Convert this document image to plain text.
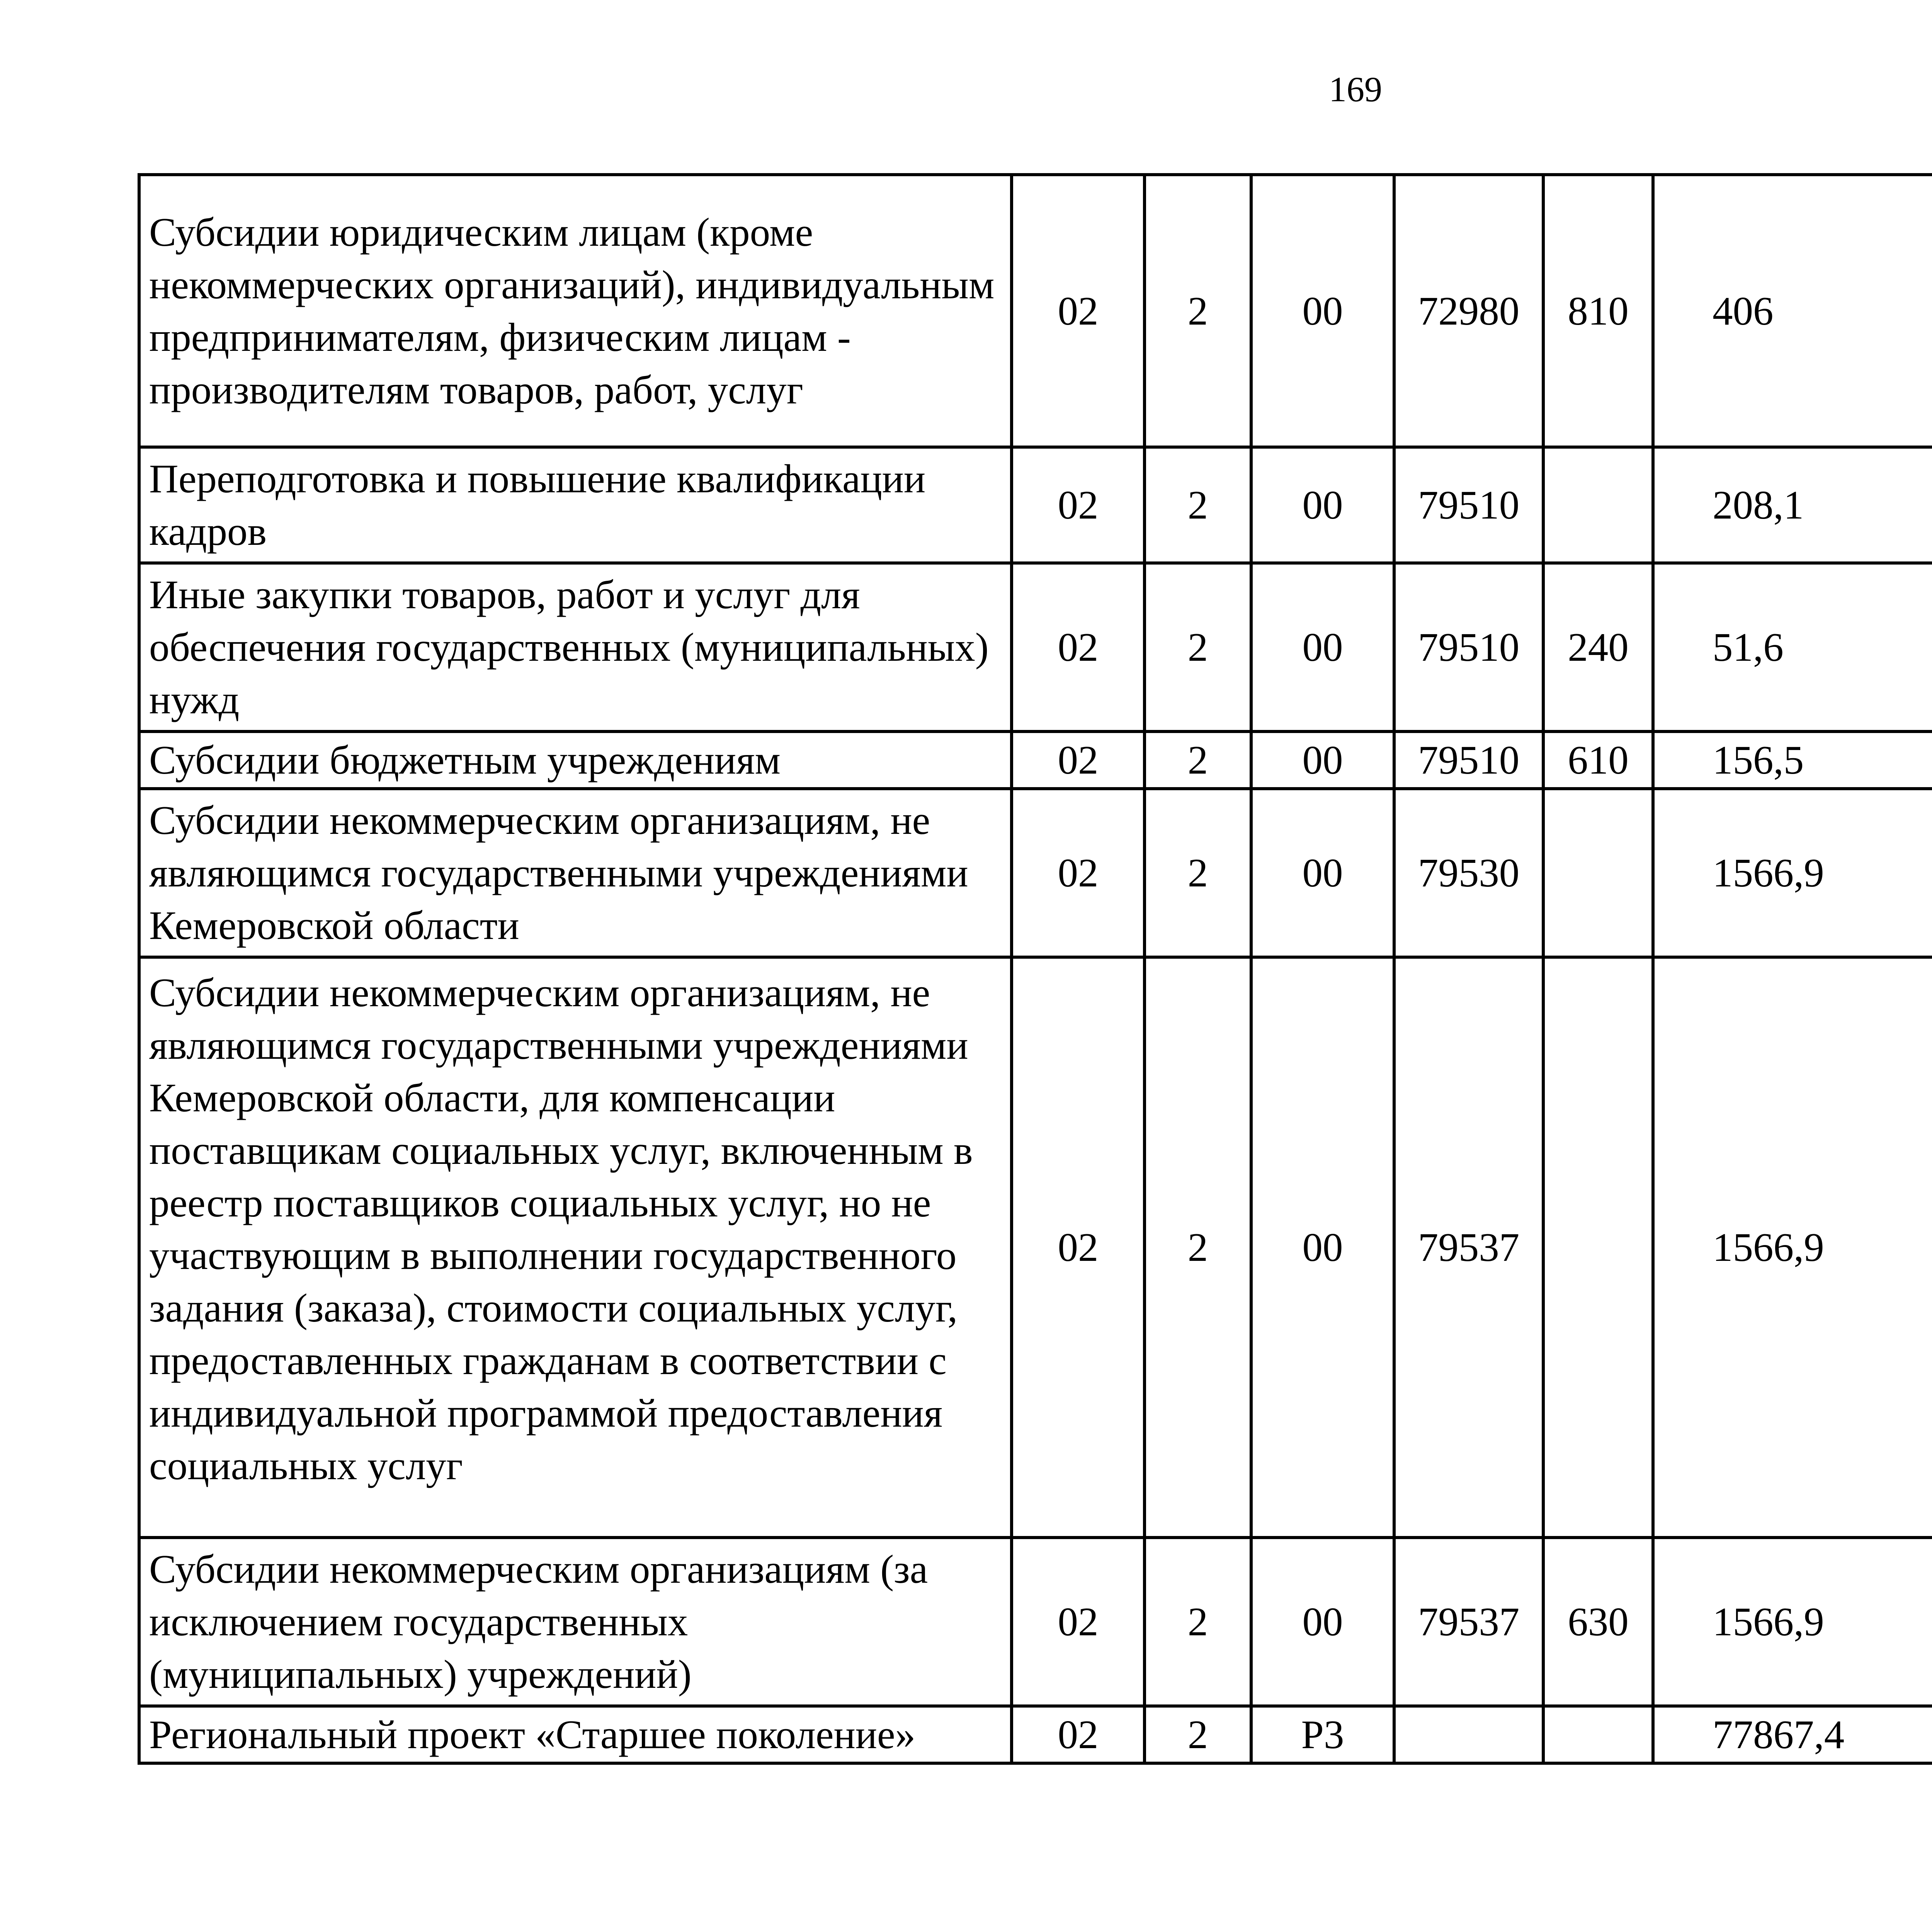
169
Субсидии юридическим лицам (кроме некоммерческих организаций), индивидуальным предпринимателям, физическим лицам - производителям товаров, работ, услуг	02	2	00	72980	810	406		
Переподготовка и повышение квалификации кадров	02	2	00	79510		208,1		
Иные закупки товаров, работ и услуг для обеспечения государственных (муниципальных) нужд	02	2	00	79510	240	51,6		
Субсидии бюджетным учреждениям	02	2	00	79510	610	156,5		
Субсидии некоммерческим организациям, не являющимся государственными учреждениями Кемеровской области	02	2	00	79530		1566,9		
Субсидии некоммерческим организациям, не являющимся государственными учреждениями Кемеровской области, для компенсации поставщикам социальных услуг, включенным в реестр поставщиков социальных услуг, но не участвующим в выполнении государственного задания (заказа), стоимости социальных услуг, предоставленных гражданам в соответствии с индивидуальной программой предоставления социальных услуг	02	2	00	79537		1566,9		
Субсидии некоммерческим организациям (за исключением государственных (муниципальных) учреждений)	02	2	00	79537	630	1566,9		
Региональный проект «Старшее поколение»	02	2	P3			77867,4		
